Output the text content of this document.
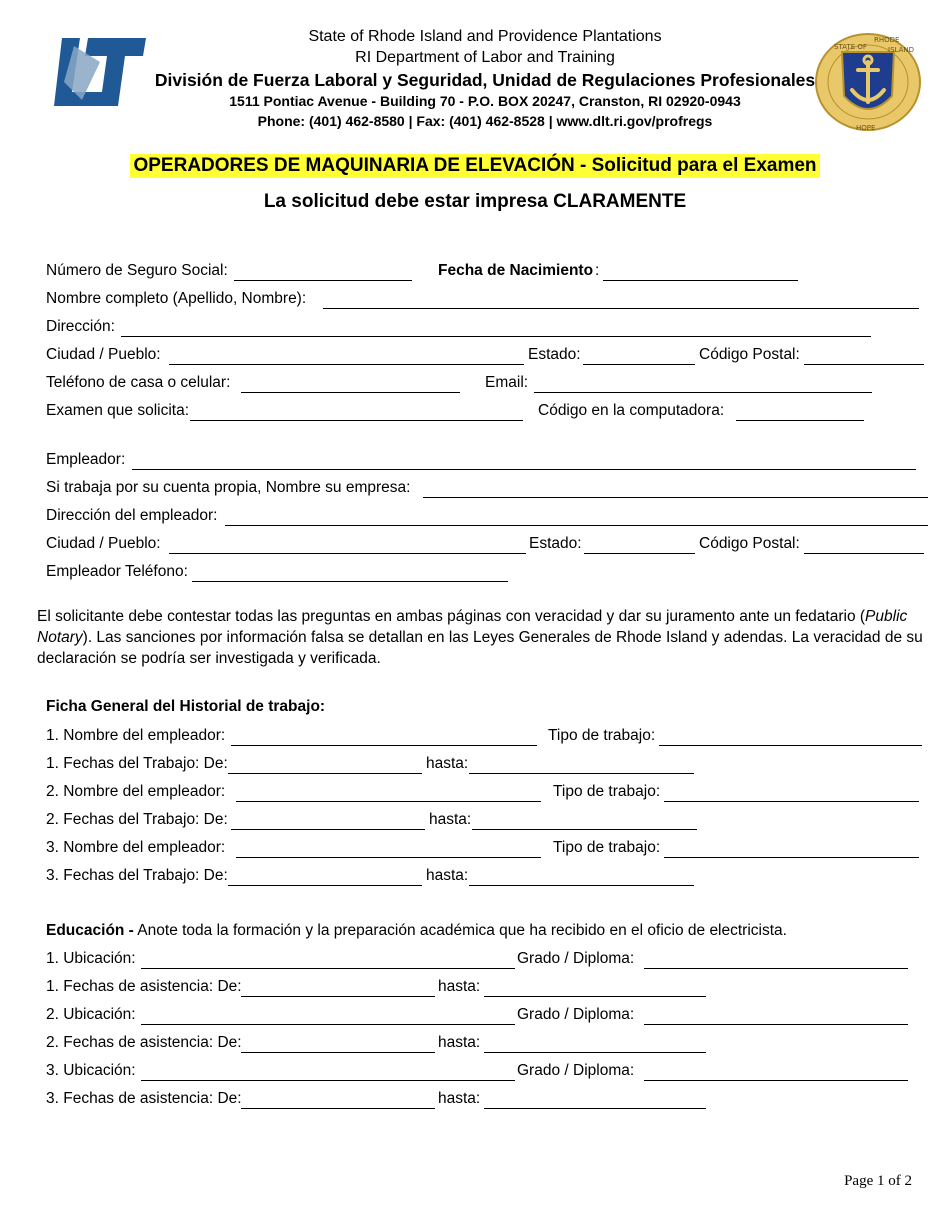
State of Rhode Island and Providence Plantations
RI Department of Labor and Training
División de Fuerza Laboral y Seguridad, Unidad de Regulaciones Profesionales
1511 Pontiac Avenue - Building 70 - P.O. BOX 20247, Cranston, RI 02920-0943
Phone: (401) 462-8580 | Fax: (401) 462-8528 | www.dlt.ri.gov/profregs
STATE OF
RHODE
ISLAND
HOPE
OPERADORES DE MAQUINARIA DE ELEVACIÓN - Solicitud para el Examen
La solicitud debe estar impresa CLARAMENTE
Número de Seguro Social:	Fecha de Nacimiento :
Nombre completo (Apellido, Nombre):
Dirección:
Ciudad / Pueblo:	Estado:	Código Postal:
Teléfono de casa o celular:	Email:
Examen que solicita:	Código en la computadora:
Empleador:
Si trabaja por su cuenta propia, Nombre su empresa:
Dirección del empleador:
Ciudad / Pueblo:	Estado:	Código Postal:
Empleador Teléfono:
El solicitante debe contestar todas las preguntas en ambas páginas con veracidad y dar su juramento ante un fedatario (Public Notary). Las sanciones por información falsa se detallan en las Leyes Generales de Rhode Island y adendas. La veracidad de su declaración se podría ser investigada y verificada.
Ficha General del Historial de trabajo:
1. Nombre del empleador:	Tipo de trabajo:
1. Fechas del Trabajo: De:	hasta:
2. Nombre del empleador:	Tipo de trabajo:
2. Fechas del Trabajo: De:	hasta:
3. Nombre del empleador:	Tipo de trabajo:
3. Fechas del Trabajo: De:	hasta:
Educación - Anote toda la formación y la preparación académica que ha recibido en el oficio de electricista.
1. Ubicación:	Grado / Diploma:
1. Fechas de asistencia: De:	hasta:
2. Ubicación:	Grado / Diploma:
2. Fechas de asistencia: De:	hasta:
3. Ubicación:	Grado / Diploma:
3. Fechas de asistencia: De:	hasta:
Page 1 of 2
